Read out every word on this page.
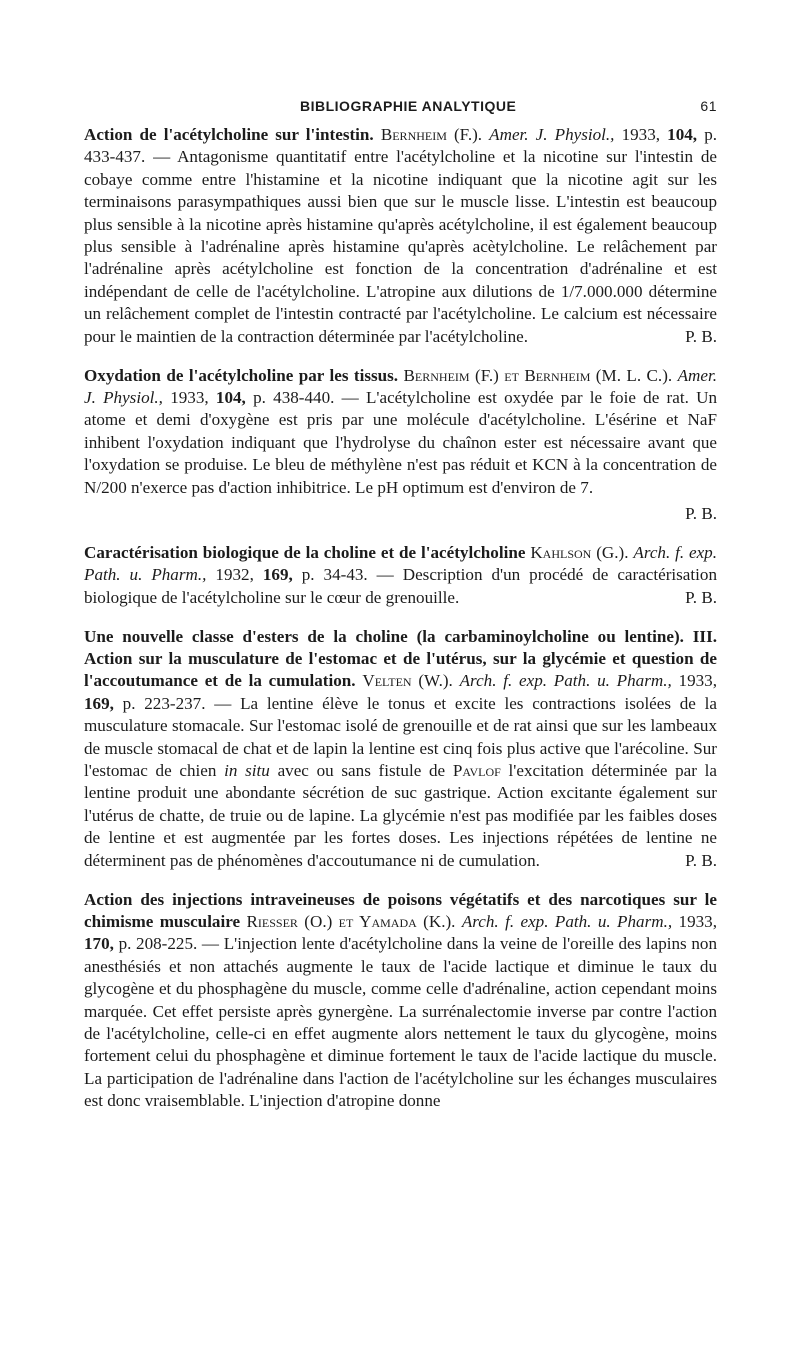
BIBLIOGRAPHIE ANALYTIQUE	61

Action de l'acétylcholine sur l'intestin. Bernheim (F.). Amer. J. Physiol., 1933, 104, p. 433-437. — Antagonisme quantitatif entre l'acétylcholine et la nicotine sur l'intestin de cobaye comme entre l'histamine et la nicotine indiquant que la nicotine agit sur les terminaisons parasympathiques aussi bien que sur le muscle lisse. L'intestin est beaucoup plus sensible à la nicotine après histamine qu'après acétylcholine, il est également beaucoup plus sensible à l'adrénaline après histamine qu'après acètylcholine. Le relâchement par l'adrénaline après acétylcholine est fonction de la concentration d'adrénaline et est indépendant de celle de l'acétylcholine. L'atropine aux dilutions de 1/7.000.000 détermine un relâchement complet de l'intestin contracté par l'acétylcholine. Le calcium est nécessaire pour le maintien de la contraction déterminée par l'acétylcholine.	P. B.

Oxydation de l'acétylcholine par les tissus. Bernheim (F.) et Bernheim (M. L. C.). Amer. J. Physiol., 1933, 104, p. 438-440. — L'acétylcholine est oxydée par le foie de rat. Un atome et demi d'oxygène est pris par une molécule d'acétylcholine. L'ésérine et NaF inhibent l'oxydation indiquant que l'hydrolyse du chaînon ester est nécessaire avant que l'oxydation se produise. Le bleu de méthylène n'est pas réduit et KCN à la concentration de N/200 n'exerce pas d'action inhibitrice. Le pH optimum est d'environ de 7.

P. B.

Caractérisation biologique de la choline et de l'acétylcholine Kahlson (G.). Arch. f. exp. Path. u. Pharm., 1932, 169, p. 34-43. — Description d'un procédé de caractérisation biologique de l'acétylcholine sur le cœur de grenouille.	P. B.

Une nouvelle classe d'esters de la choline (la carbaminoylcholine ou lentine). III. Action sur la musculature de l'estomac et de l'utérus, sur la glycémie et question de l'accoutumance et de la cumulation. Velten (W.). Arch. f. exp. Path. u. Pharm., 1933, 169, p. 223-237. — La lentine élève le tonus et excite les contractions isolées de la musculature stomacale. Sur l'estomac isolé de grenouille et de rat ainsi que sur les lambeaux de muscle stomacal de chat et de lapin la lentine est cinq fois plus active que l'arécoline. Sur l'estomac de chien in situ avec ou sans fistule de Pavlof l'excitation déterminée par la lentine produit une abondante sécrétion de suc gastrique. Action excitante également sur l'utérus de chatte, de truie ou de lapine. La glycémie n'est pas modifiée par les faibles doses de lentine et est augmentée par les fortes doses. Les injections répétées de lentine ne déterminent pas de phénomènes d'accoutumance ni de cumulation.	P. B.

Action des injections intraveineuses de poisons végétatifs et des narcotiques sur le chimisme musculaire Riesser (O.) et Yamada (K.). Arch. f. exp. Path. u. Pharm., 1933, 170, p. 208-225. — L'injection lente d'acétylcholine dans la veine de l'oreille des lapins non anesthésiés et non attachés augmente le taux de l'acide lactique et diminue le taux du glycogène et du phosphagène du muscle, comme celle d'adrénaline, action cependant moins marquée. Cet effet persiste après gynergène. La surrénalectomie inverse par contre l'action de l'acétylcholine, celle-ci en effet augmente alors nettement le taux du glycogène, moins fortement celui du phosphagène et diminue fortement le taux de l'acide lactique du muscle. La participation de l'adrénaline dans l'action de l'acétylcholine sur les échanges musculaires est donc vraisemblable. L'injection d'atropine donne
